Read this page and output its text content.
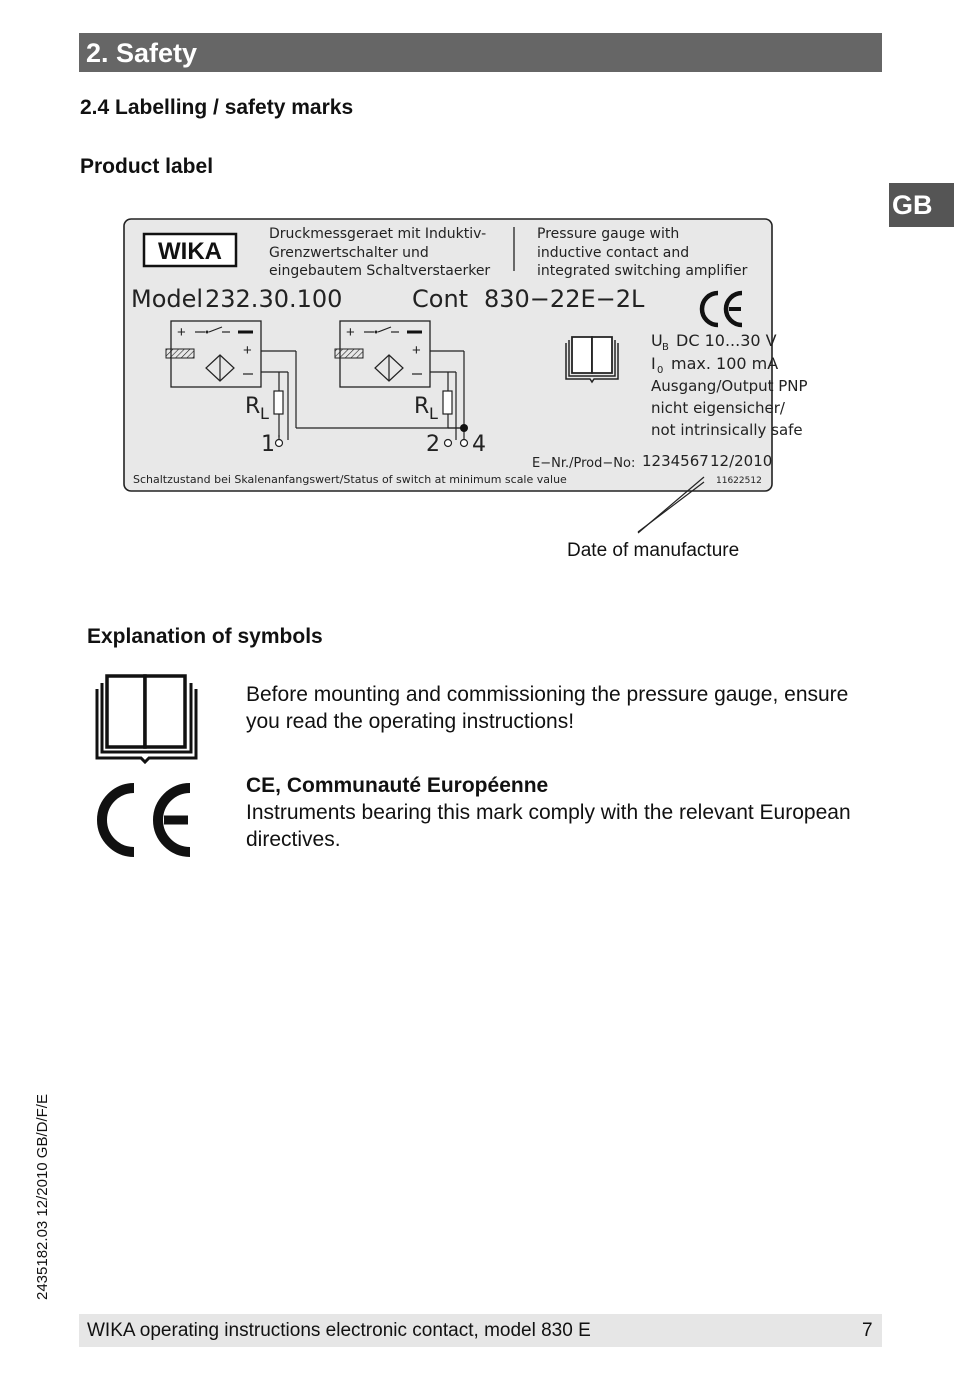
2. Safety
GB
2.4 Labelling / safety marks
Product label
WIKA
Druckmessgeraet mit Induktiv-
Grenzwertschalter und
eingebautem Schaltverstaerker
Pressure gauge with
inductive contact and
integrated switching amplifier
Model 232.30.100	Cont 830−22E−2L
+
+
R L
1
+
+
R L
2 4
U B DC 10...30 V
I 0 max. 100 mA
Ausgang/Output PNP
nicht eigensicher/
not intrinsically safe
E−Nr./Prod−No: 1234567 12/2010
11622512
Schaltzustand bei Skalenanfangswert/Status of switch at minimum scale value
Date of manufacture
Explanation of symbols
Before mounting and commissioning the pressure gauge, ensure you read the operating instructions!
CE, Communauté Européenne
Instruments bearing this mark comply with the relevant European directives.
2435182.03 12/2010 GB/D/F/E
WIKA operating instructions electronic contact, model 830 E	7
